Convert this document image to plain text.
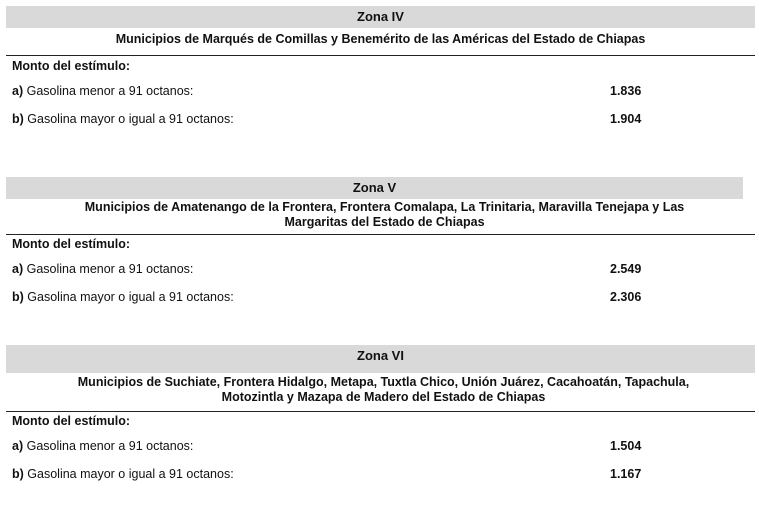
Zona IV
Municipios de Marqués de Comillas y Benemérito de las Américas del Estado de Chiapas
Monto del estímulo:
a) Gasolina menor a 91 octanos:	1.836
b) Gasolina mayor o igual a 91 octanos:	1.904
Zona V
Municipios de Amatenango de la Frontera, Frontera Comalapa, La Trinitaria, Maravilla Tenejapa y Las Margaritas del Estado de Chiapas
Monto del estímulo:
a) Gasolina menor a 91 octanos:	2.549
b) Gasolina mayor o igual a 91 octanos:	2.306
Zona VI
Municipios de Suchiate, Frontera Hidalgo, Metapa, Tuxtla Chico, Unión Juárez, Cacahoatán, Tapachula, Motozintla y Mazapa de Madero del Estado de Chiapas
Monto del estímulo:
a) Gasolina menor a 91 octanos:	1.504
b) Gasolina mayor o igual a 91 octanos:	1.167
